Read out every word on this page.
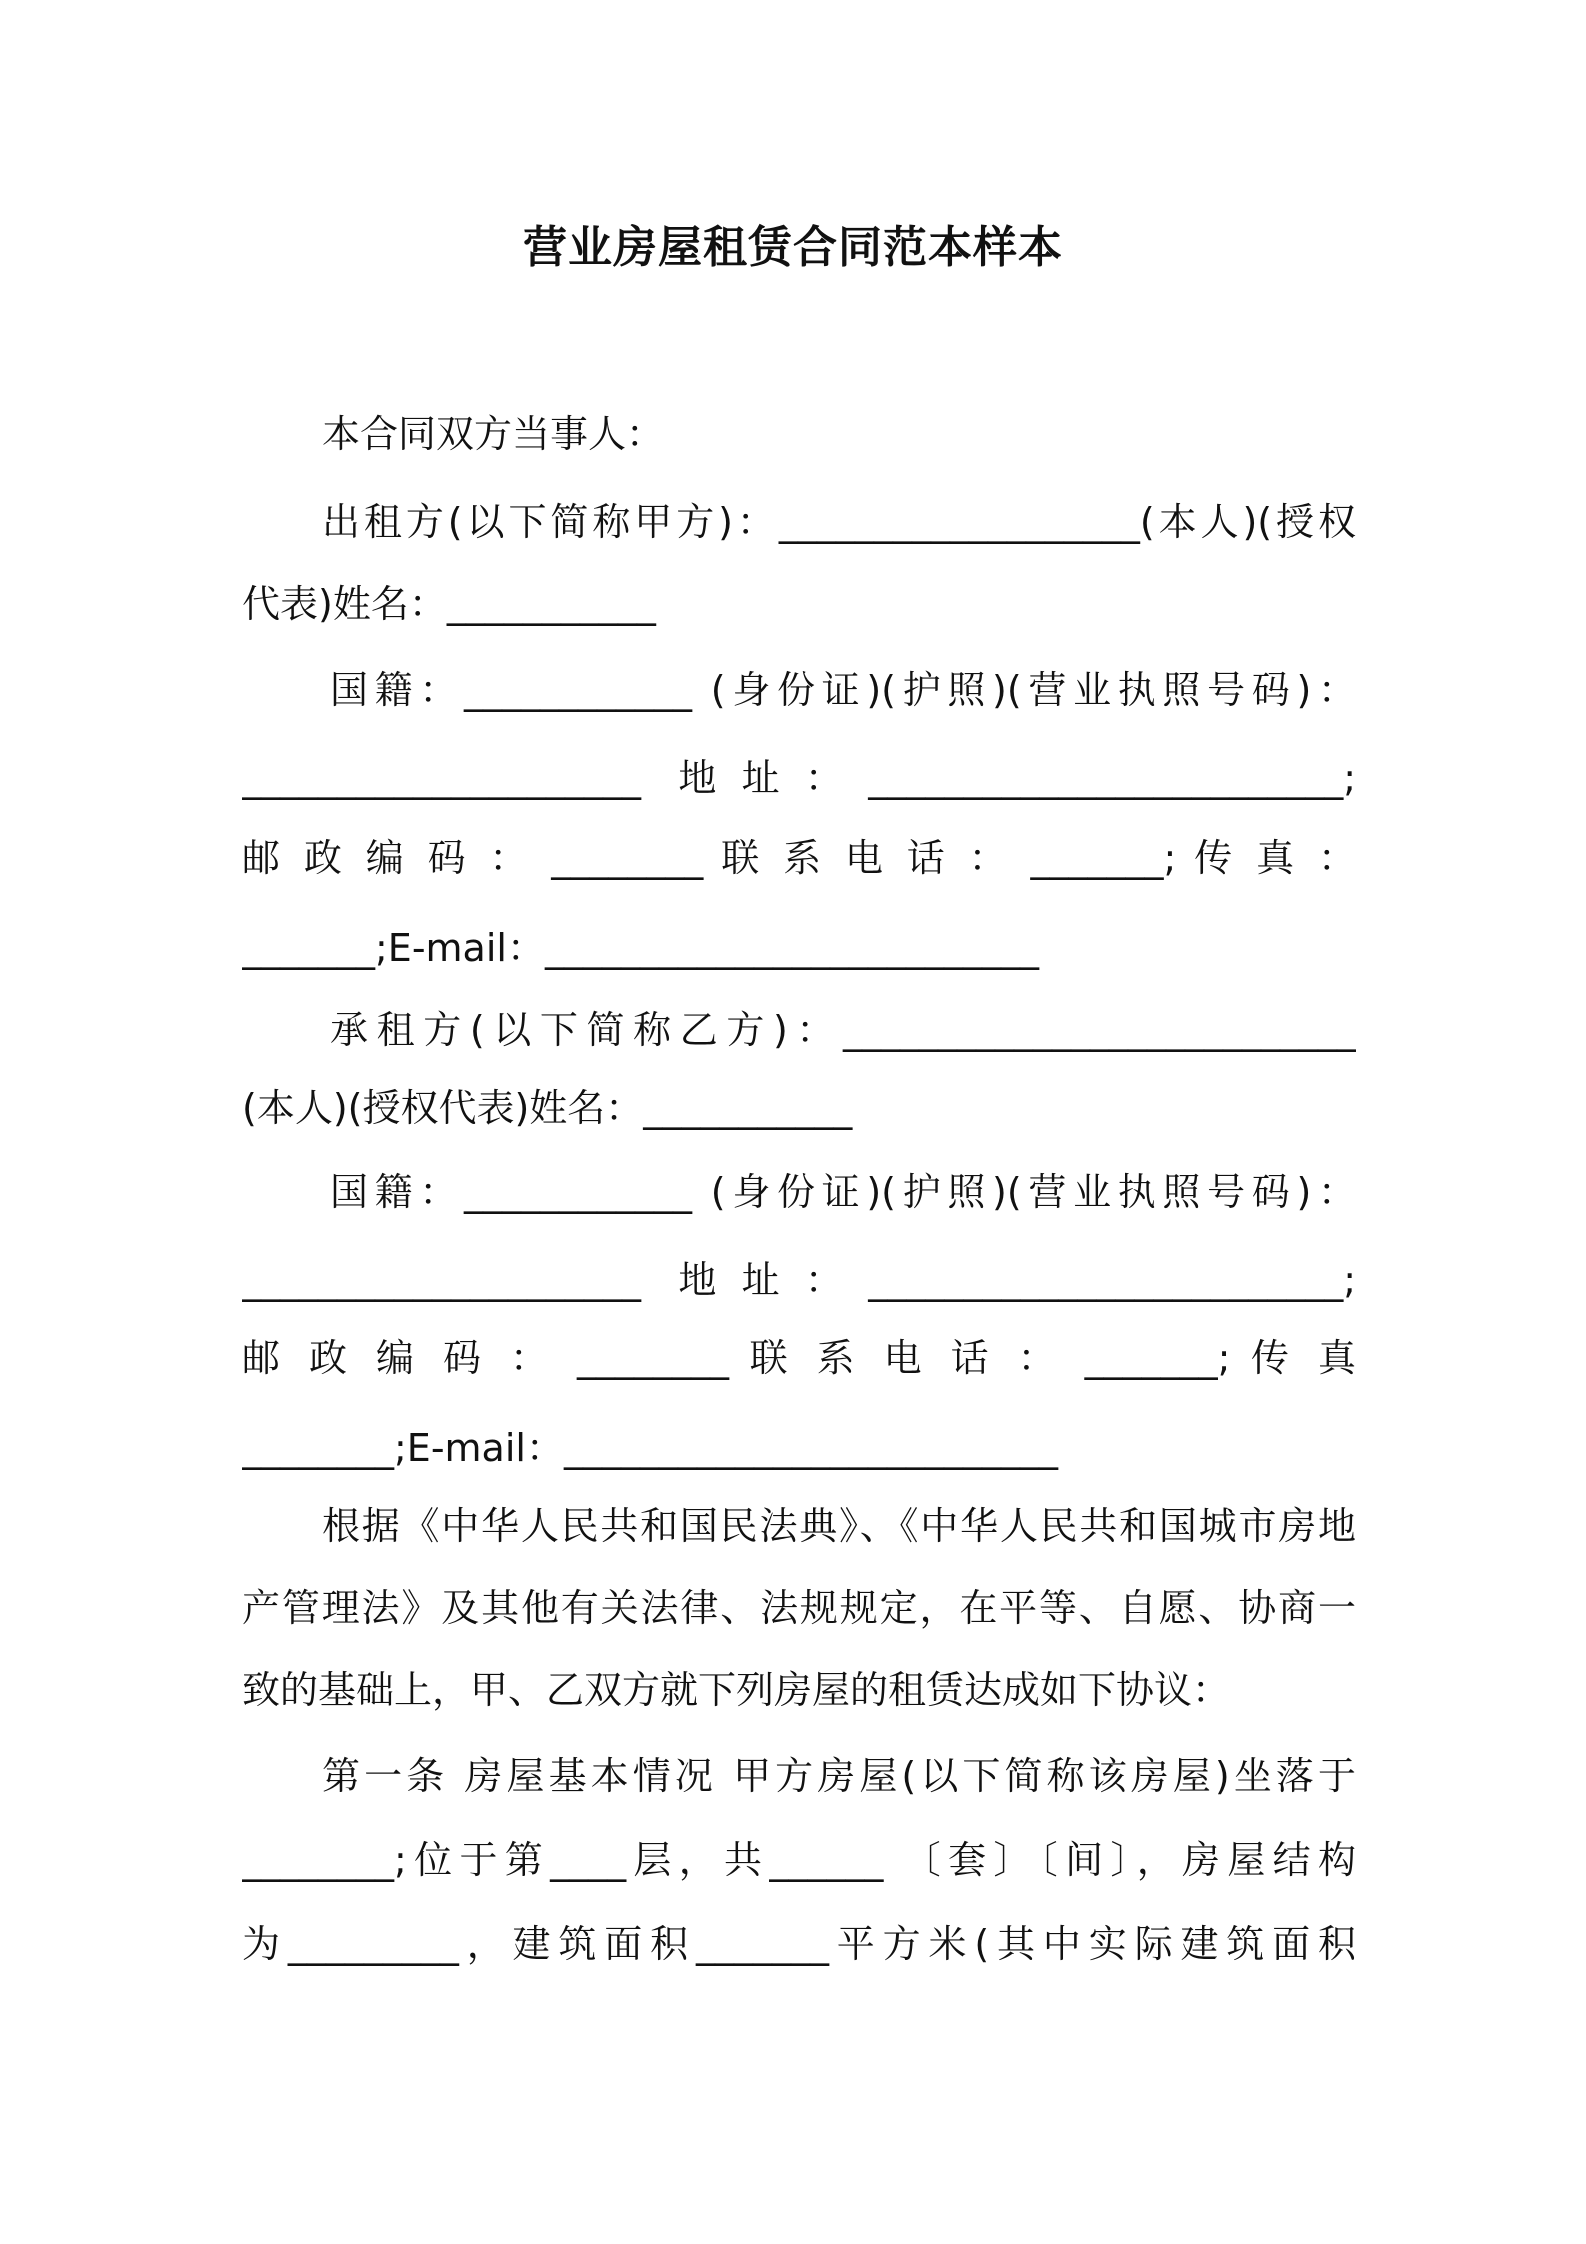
营业房屋租赁合同范本样本
本合同双方当事人：
出租方(以下简称甲方)：___________________(本人)(授权
代表)姓名：___________
国籍：____________ (身份证)(护照)(营业执照号码)：
_____________________ 地址：_________________________;
邮 政 编 码 ： ________ 联 系 电 话 ： _______; 传 真 ：
_______;E-mail：__________________________
承租方(以下简称乙方)：___________________________
(本人)(授权代表)姓名：___________
国籍：____________ (身份证)(护照)(营业执照号码)：
_____________________ 地址：_________________________;
邮 政 编 码 ： ________ 联 系 电 话 ： _______; 传 真
________;E-mail：__________________________
根据《中华人民共和国民法典》、《中华人民共和国城市房地
产管理法》及其他有关法律、法规规定，在平等、自愿、协商一
致的基础上，甲、乙双方就下列房屋的租赁达成如下协议：
第一条 房屋基本情况 甲方房屋(以下简称该房屋)坐落于
________;位于第____层，共______ 〔套〕〔间〕，房屋结构
为_________，建筑面积_______平方米(其中实际建筑面积
